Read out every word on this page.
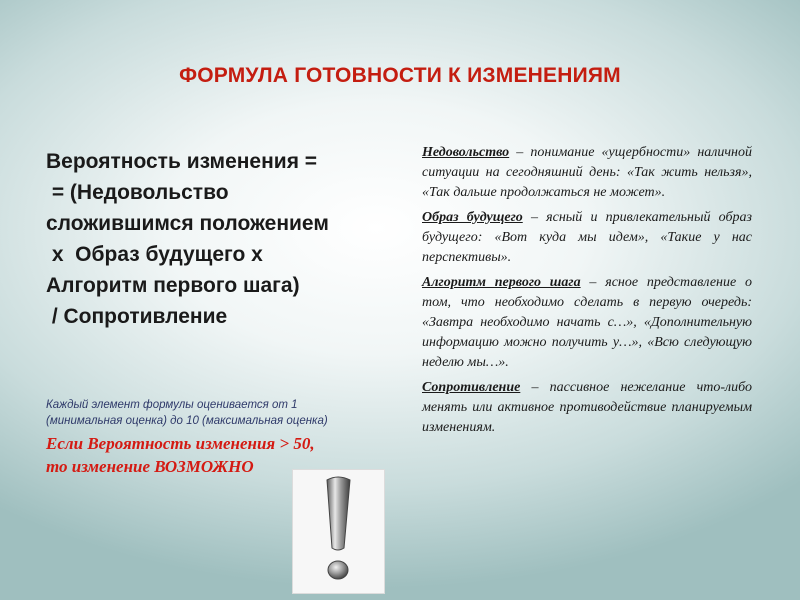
ФОРМУЛА ГОТОВНОСТИ К ИЗМЕНЕНИЯМ
Вероятность изменения =
= (Недовольство
сложившимся положением
x  Образ будущего x
Алгоритм первого шага)
/ Сопротивление
Каждый элемент формулы оценивается от 1
(минимальная оценка) до 10 (максимальная оценка)
Если Вероятность изменения > 50,
то изменение ВОЗМОЖНО

Недовольство – понимание «ущербности» наличной ситуации на сегодняшний день: «Так жить нельзя», «Так дальше продолжаться не может».

Образ будущего – ясный и привлекательный образ будущего: «Вот куда мы идем», «Такие у нас перспективы».

Алгоритм первого шага – ясное представление о том, что необходимо сделать в первую очередь: «Завтра необходимо начать с…», «Дополнительную информацию можно получить у…», «Всю следующую неделю мы…».

Сопротивление – пассивное нежелание что-либо менять или активное противодействие планируемым изменениям.
